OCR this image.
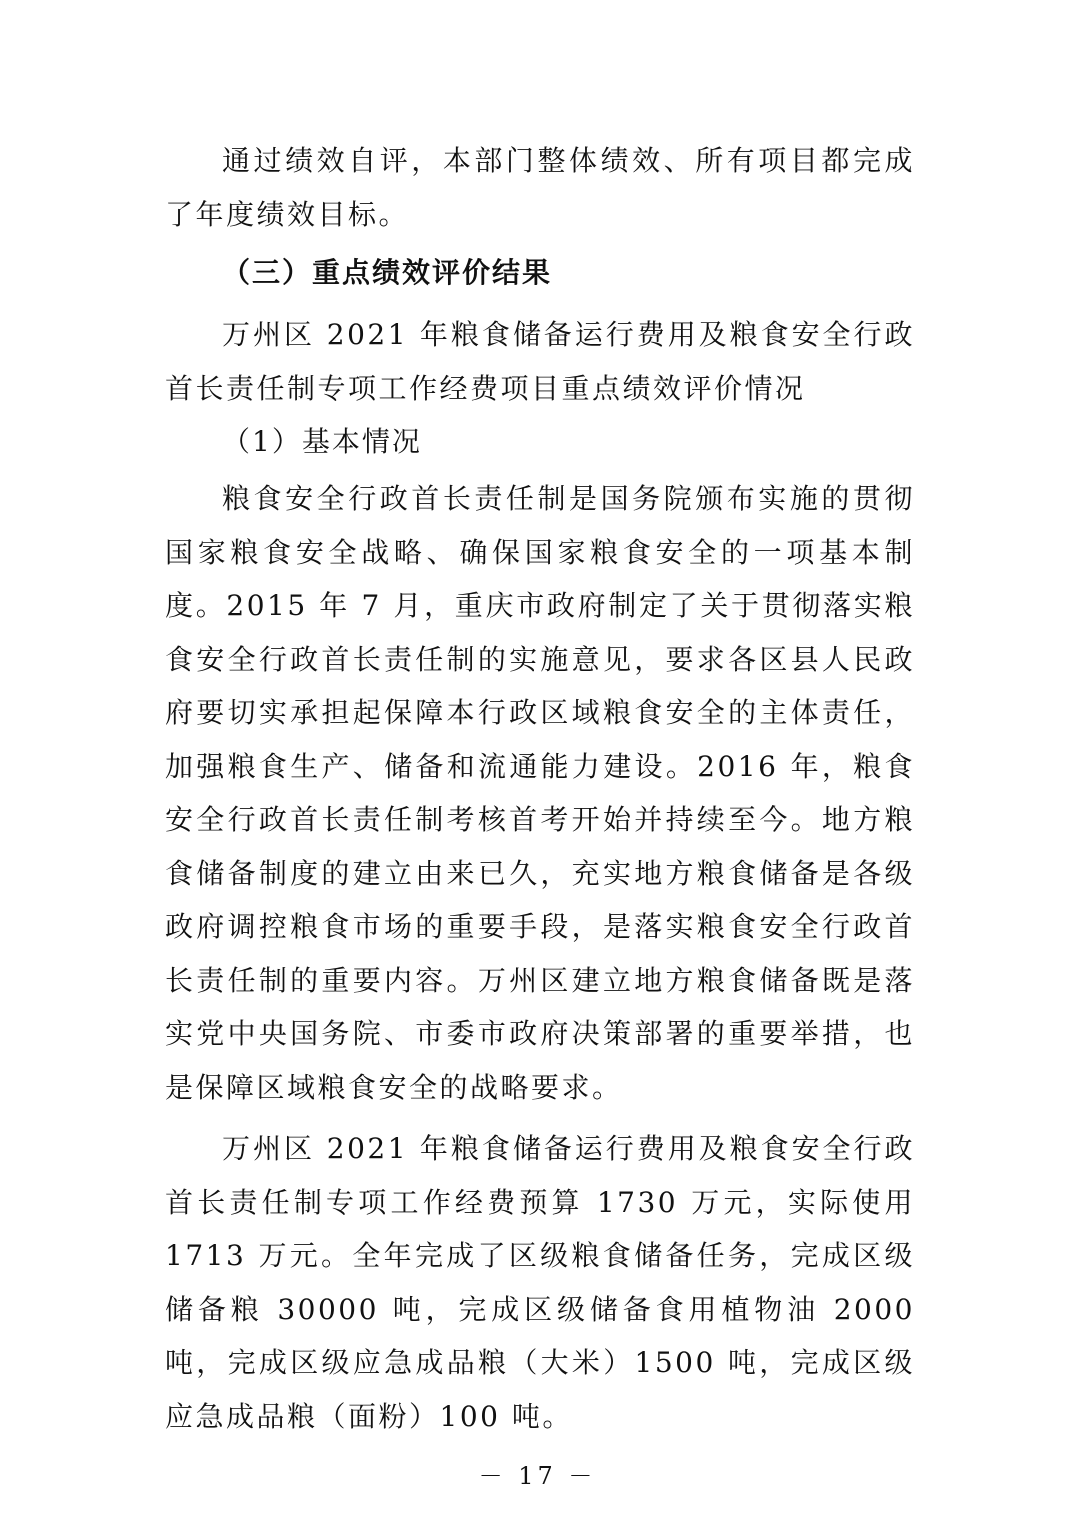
通过绩效自评，本部门整体绩效、所有项目都完成了年度绩效目标。

（三）重点绩效评价结果

万州区 2021 年粮食储备运行费用及粮食安全行政首长责任制专项工作经费项目重点绩效评价情况

（1）基本情况

粮食安全行政首长责任制是国务院颁布实施的贯彻国家粮食安全战略、确保国家粮食安全的一项基本制度。2015 年 7 月，重庆市政府制定了关于贯彻落实粮食安全行政首长责任制的实施意见，要求各区县人民政府要切实承担起保障本行政区域粮食安全的主体责任，加强粮食生产、储备和流通能力建设。2016 年，粮食安全行政首长责任制考核首考开始并持续至今。地方粮食储备制度的建立由来已久，充实地方粮食储备是各级政府调控粮食市场的重要手段，是落实粮食安全行政首长责任制的重要内容。万州区建立地方粮食储备既是落实党中央国务院、市委市政府决策部署的重要举措，也是保障区域粮食安全的战略要求。

万州区 2021 年粮食储备运行费用及粮食安全行政首长责任制专项工作经费预算 1730 万元，实际使用 1713 万元。全年完成了区级粮食储备任务，完成区级储备粮 30000 吨，完成区级储备食用植物油 2000 吨，完成区级应急成品粮（大米）1500 吨，完成区级应急成品粮（面粉）100 吨。

－ 17 －
